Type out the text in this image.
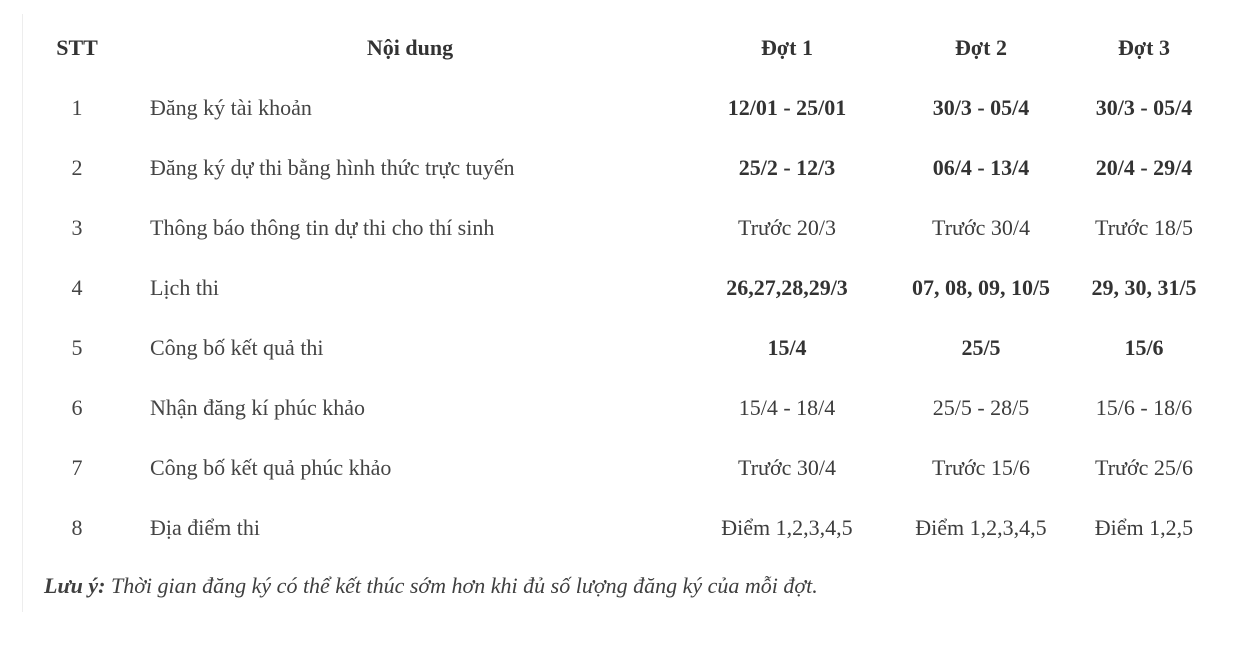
STT	Nội dung	Đợt 1	Đợt 2	Đợt 3
1	Đăng ký tài khoản	12/01 - 25/01	30/3 - 05/4	30/3 - 05/4
2	Đăng ký dự thi bằng hình thức trực tuyến	25/2 - 12/3	06/4 - 13/4	20/4 - 29/4
3	Thông báo thông tin dự thi cho thí sinh	Trước 20/3	Trước 30/4	Trước 18/5
4	Lịch thi	26,27,28,29/3	07, 08, 09, 10/5	29, 30, 31/5
5	Công bố kết quả thi	15/4	25/5	15/6
6	Nhận đăng kí phúc khảo	15/4 - 18/4	25/5 - 28/5	15/6 - 18/6
7	Công bố kết quả phúc khảo	Trước 30/4	Trước 15/6	Trước 25/6
8	Địa điểm thi	Điểm 1,2,3,4,5	Điểm 1,2,3,4,5	Điểm 1,2,5
Lưu ý: Thời gian đăng ký có thể kết thúc sớm hơn khi đủ số lượng đăng ký của mỗi đợt.
